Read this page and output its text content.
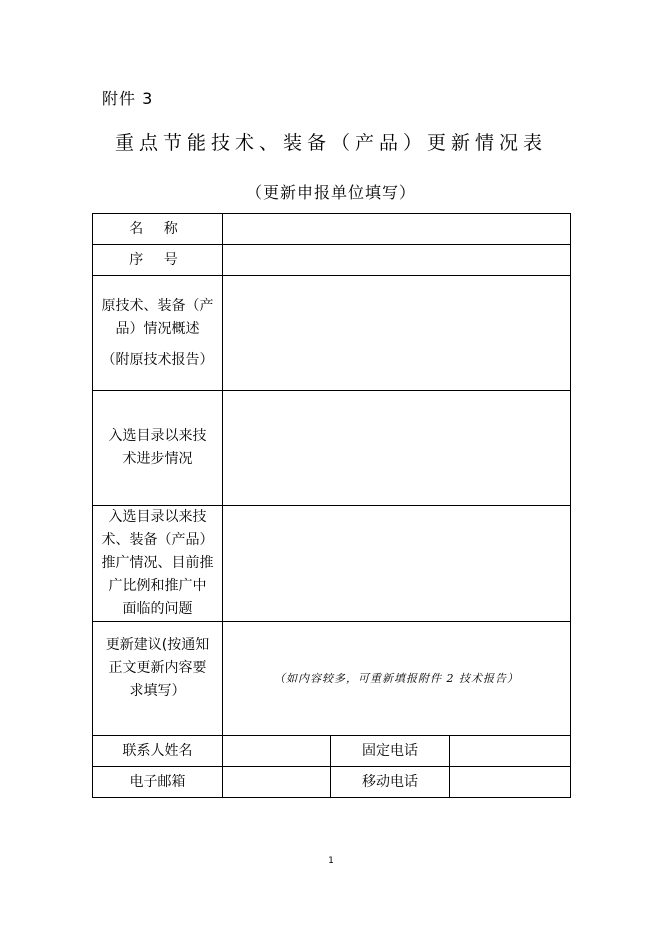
附件 3
重点节能技术、装备（产品）更新情况表
（更新申报单位填写）
名 称			
序 号			

原技术、装备（产
品）情况概述
（附原技术报告）			

入选目录以来技
术进步情况			

入选目录以来技
术、装备（产品）
推广情况、目前推
广比例和推广中
面临的问题			

更新建议(按通知
正文更新内容要
求填写）	（如内容较多，可重新填报附件 2 技术报告）		
联系人姓名		固定电话	
电子邮箱		移动电话	
1
